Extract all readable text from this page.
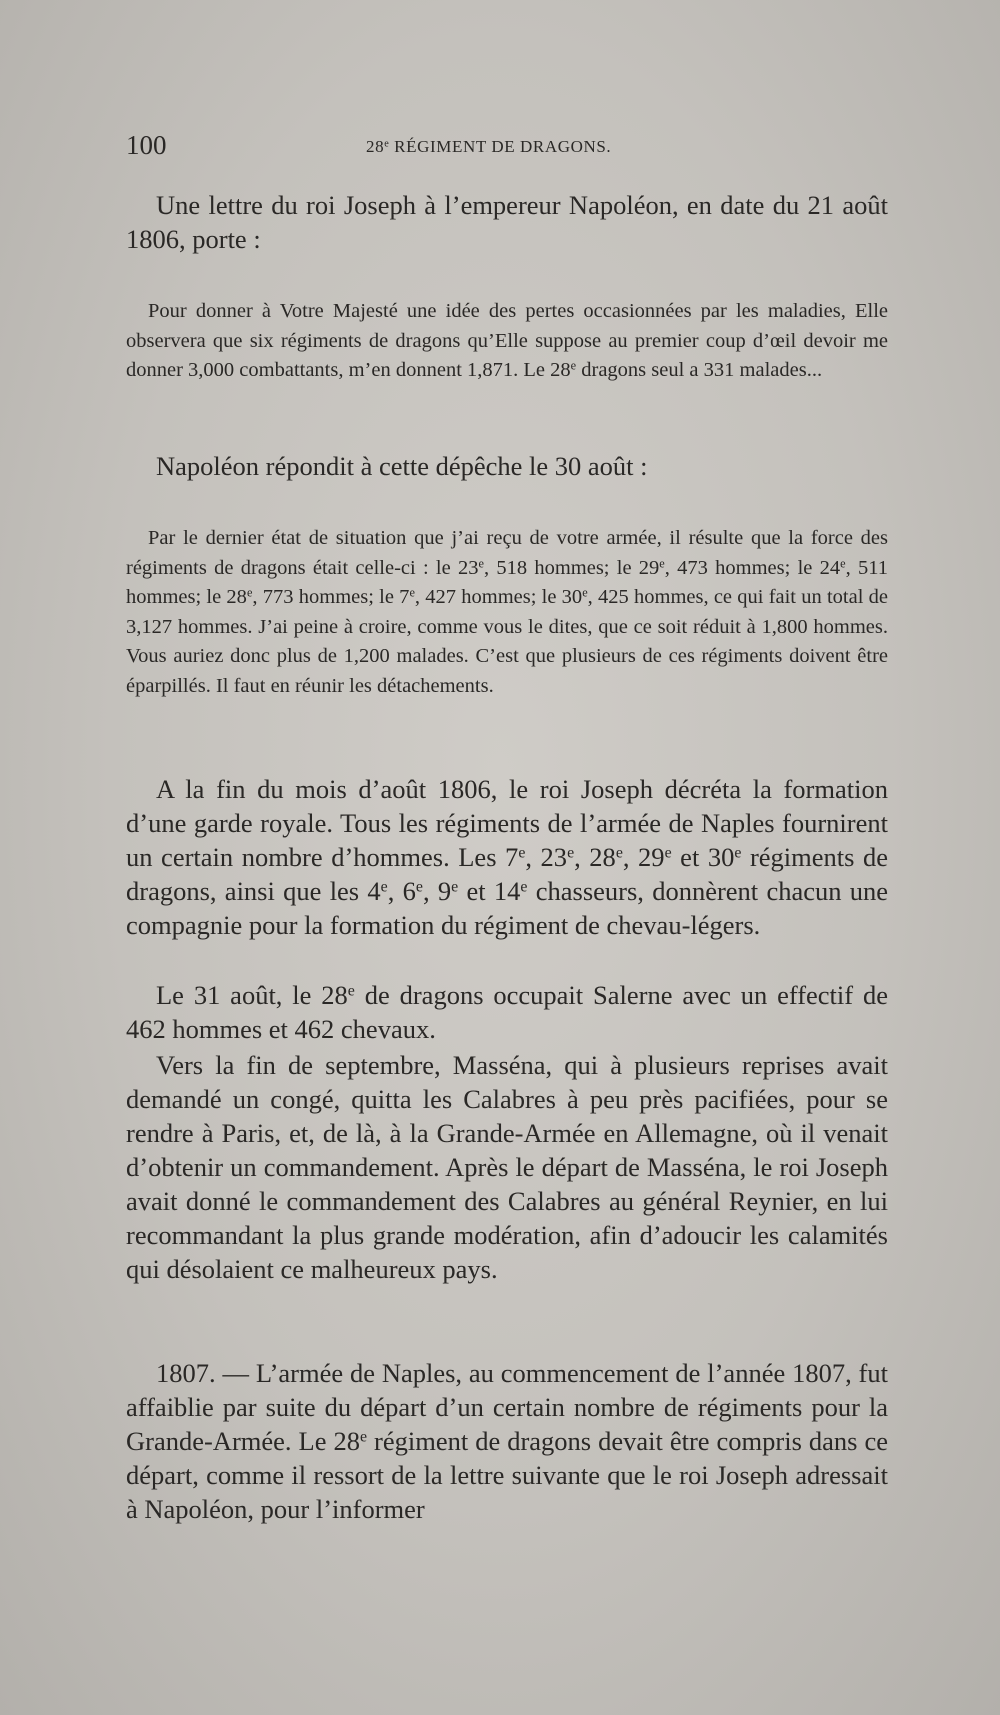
100	28e RÉGIMENT DE DRAGONS.

Une lettre du roi Joseph à l’empereur Napoléon, en date du 21 août 1806, porte :

Pour donner à Votre Majesté une idée des pertes occasionnées par les maladies, Elle observera que six régiments de dragons qu’Elle suppose au premier coup d’œil devoir me donner 3,000 combattants, m’en donnent 1,871. Le 28e dragons seul a 331 malades...

Napoléon répondit à cette dépêche le 30 août :

Par le dernier état de situation que j’ai reçu de votre armée, il résulte que la force des régiments de dragons était celle-ci : le 23e, 518 hommes; le 29e, 473 hommes; le 24e, 511 hommes; le 28e, 773 hommes; le 7e, 427 hommes; le 30e, 425 hommes, ce qui fait un total de 3,127 hommes. J’ai peine à croire, comme vous le dites, que ce soit réduit à 1,800 hommes. Vous auriez donc plus de 1,200 malades. C’est que plusieurs de ces régiments doivent être éparpillés. Il faut en réunir les détachements.

A la fin du mois d’août 1806, le roi Joseph décréta la formation d’une garde royale. Tous les régiments de l’armée de Naples fournirent un certain nombre d’hommes. Les 7e, 23e, 28e, 29e et 30e régiments de dragons, ainsi que les 4e, 6e, 9e et 14e chasseurs, donnèrent chacun une compagnie pour la formation du régiment de chevau-légers.

Le 31 août, le 28e de dragons occupait Salerne avec un effectif de 462 hommes et 462 chevaux.

Vers la fin de septembre, Masséna, qui à plusieurs reprises avait demandé un congé, quitta les Calabres à peu près pacifiées, pour se rendre à Paris, et, de là, à la Grande-Armée en Allemagne, où il venait d’obtenir un commandement. Après le départ de Masséna, le roi Joseph avait donné le commandement des Calabres au général Reynier, en lui recommandant la plus grande modération, afin d’adoucir les calamités qui désolaient ce malheureux pays.

1807. — L’armée de Naples, au commencement de l’année 1807, fut affaiblie par suite du départ d’un certain nombre de régiments pour la Grande-Armée. Le 28e régiment de dragons devait être compris dans ce départ, comme il ressort de la lettre suivante que le roi Joseph adressait à Napoléon, pour l’informer
